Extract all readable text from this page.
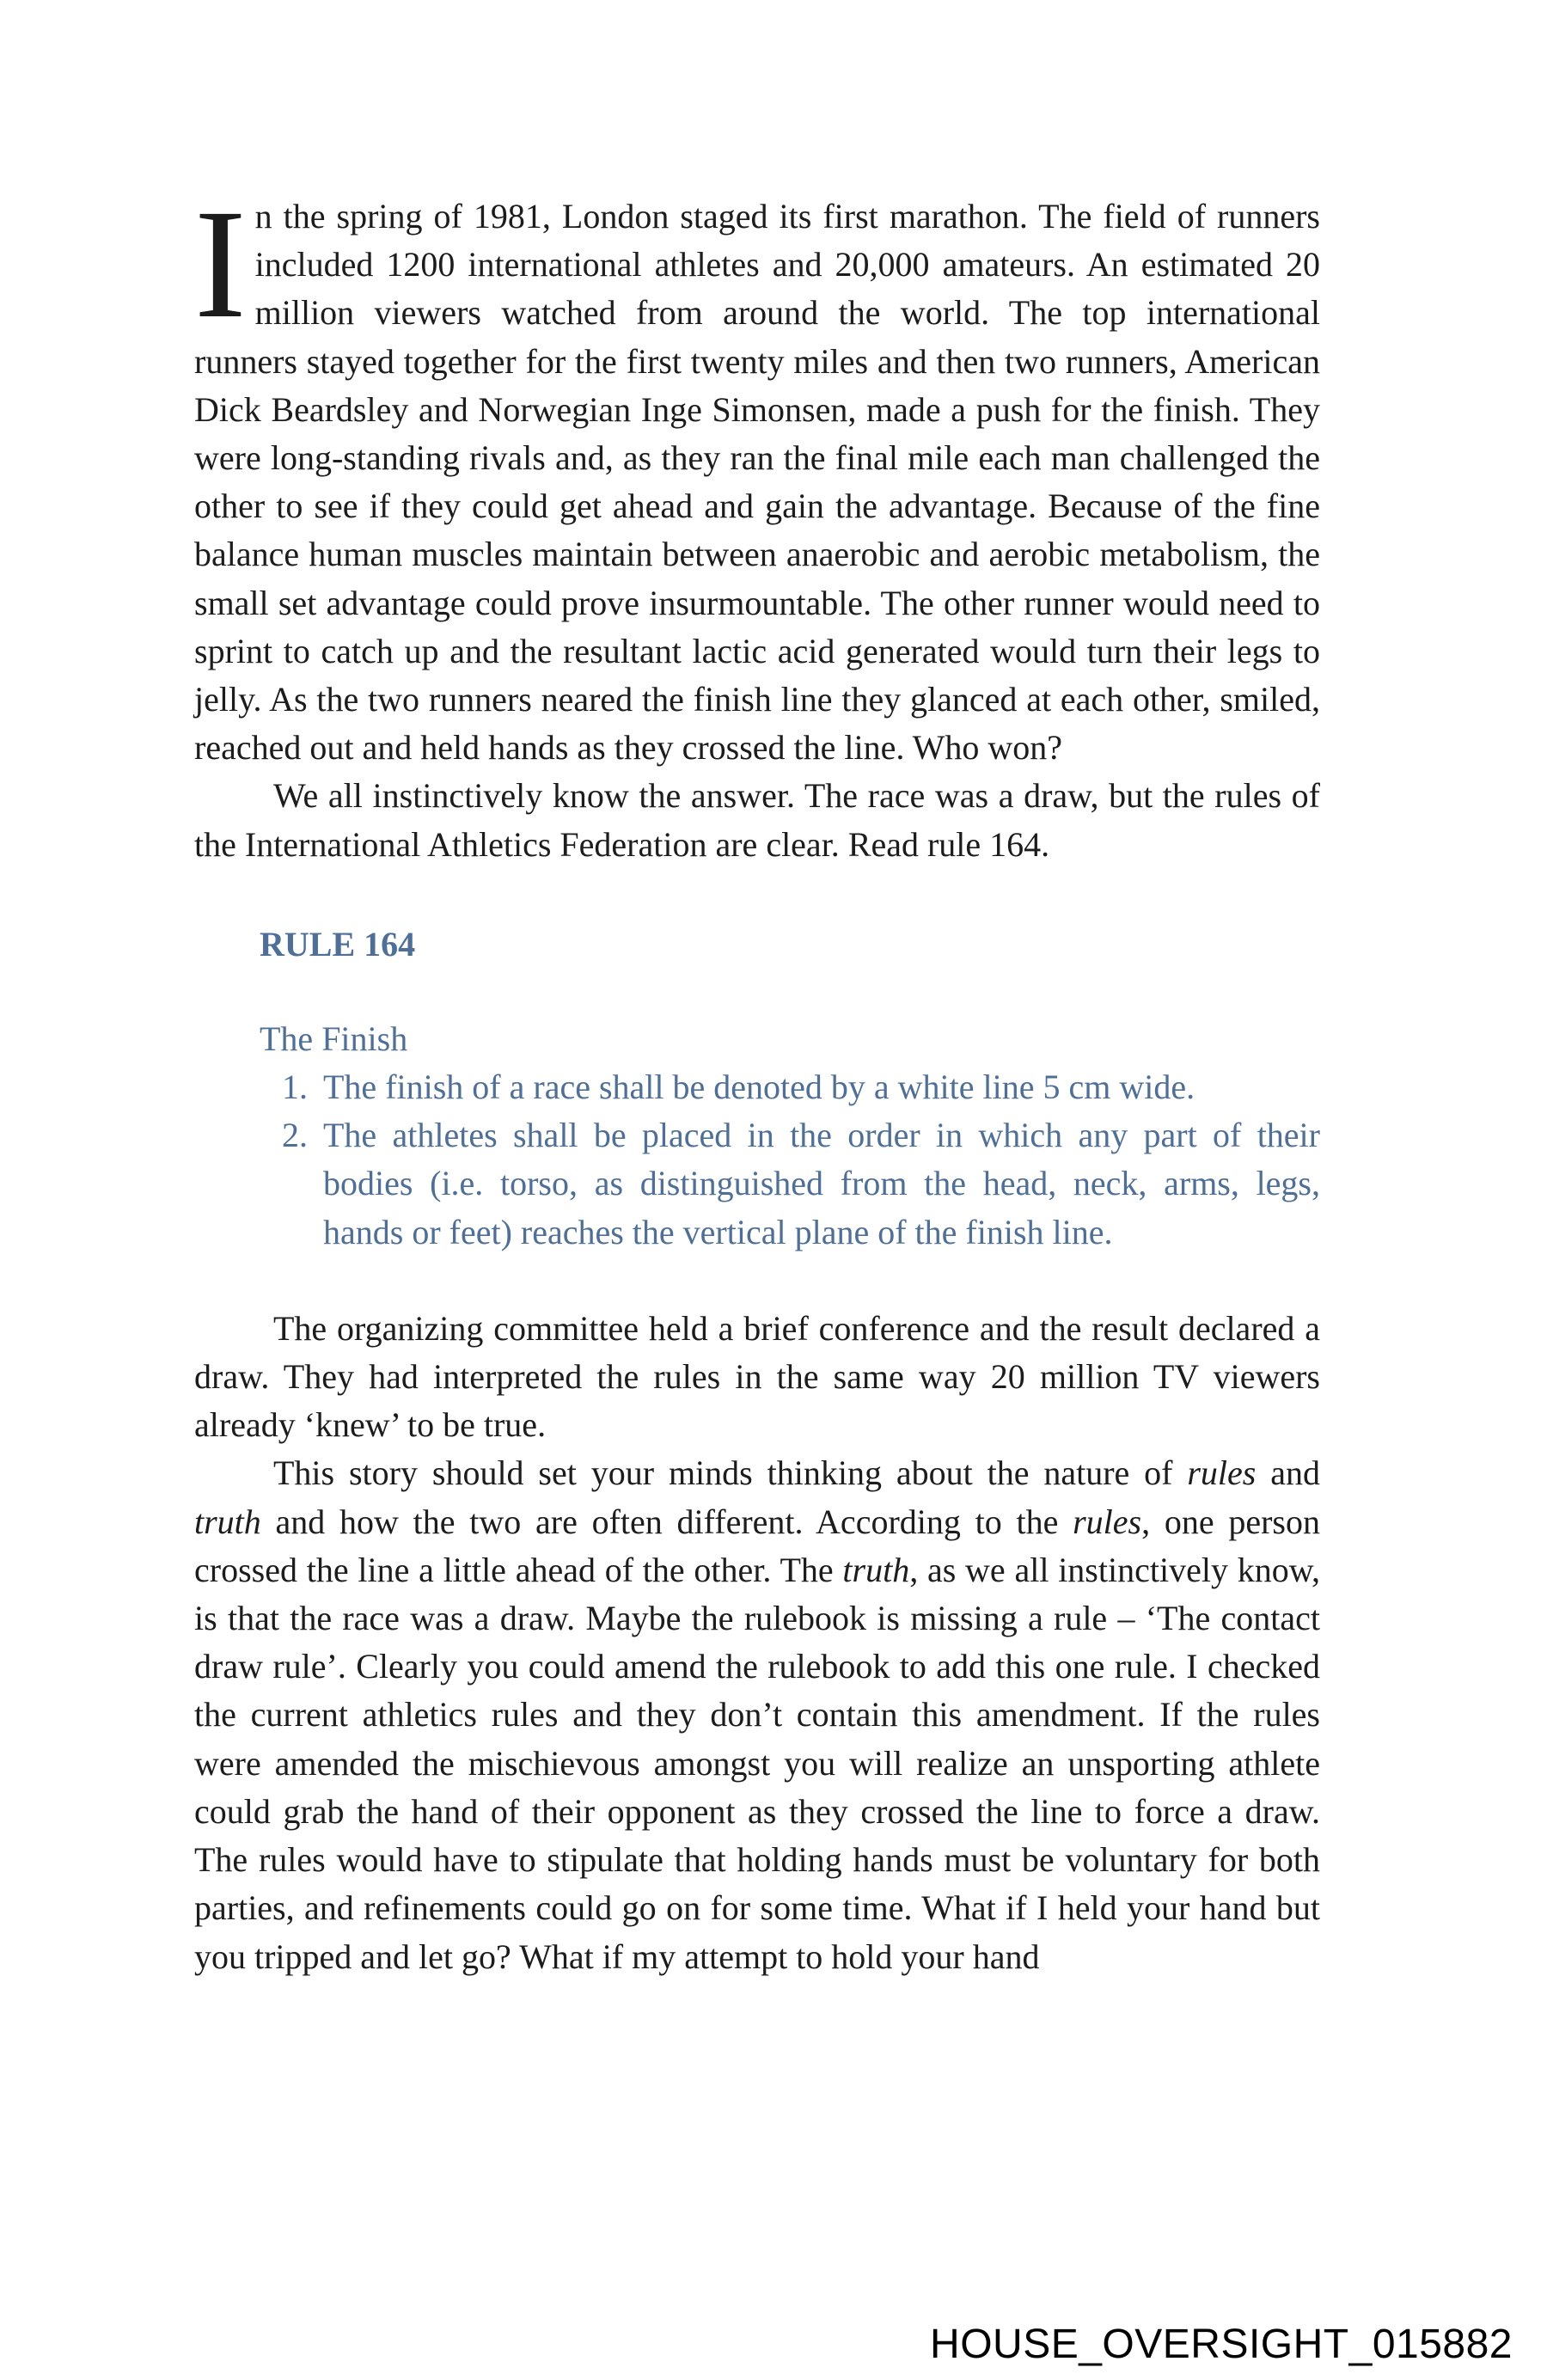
In the spring of 1981, London staged its first marathon. The field of runners included 1200 international athletes and 20,000 amateurs. An estimated 20 million viewers watched from around the world. The top international runners stayed together for the first twenty miles and then two runners, American Dick Beardsley and Norwegian Inge Simonsen, made a push for the finish. They were long-standing rivals and, as they ran the final mile each man challenged the other to see if they could get ahead and gain the advantage. Because of the fine balance human muscles maintain between anaerobic and aerobic metabolism, the small set advantage could prove insurmountable. The other runner would need to sprint to catch up and the resultant lactic acid generated would turn their legs to jelly. As the two runners neared the finish line they glanced at each other, smiled, reached out and held hands as they crossed the line. Who won?

We all instinctively know the answer. The race was a draw, but the rules of the International Athletics Federation are clear. Read rule 164.

RULE 164
The Finish
1. The finish of a race shall be denoted by a white line 5 cm wide.
2. The athletes shall be placed in the order in which any part of their bodies (i.e. torso, as distinguished from the head, neck, arms, legs, hands or feet) reaches the vertical plane of the finish line.

The organizing committee held a brief conference and the result declared a draw. They had interpreted the rules in the same way 20 million TV viewers already ‘knew’ to be true.

This story should set your minds thinking about the nature of rules and truth and how the two are often different. According to the rules, one person crossed the line a little ahead of the other. The truth, as we all instinctively know, is that the race was a draw. Maybe the rulebook is missing a rule – ‘The contact draw rule’. Clearly you could amend the rulebook to add this one rule. I checked the current athletics rules and they don’t contain this amendment. If the rules were amended the mischievous amongst you will realize an unsporting athlete could grab the hand of their opponent as they crossed the line to force a draw. The rules would have to stipulate that holding hands must be voluntary for both parties, and refinements could go on for some time. What if I held your hand but you tripped and let go? What if my attempt to hold your hand

HOUSE_OVERSIGHT_015882
